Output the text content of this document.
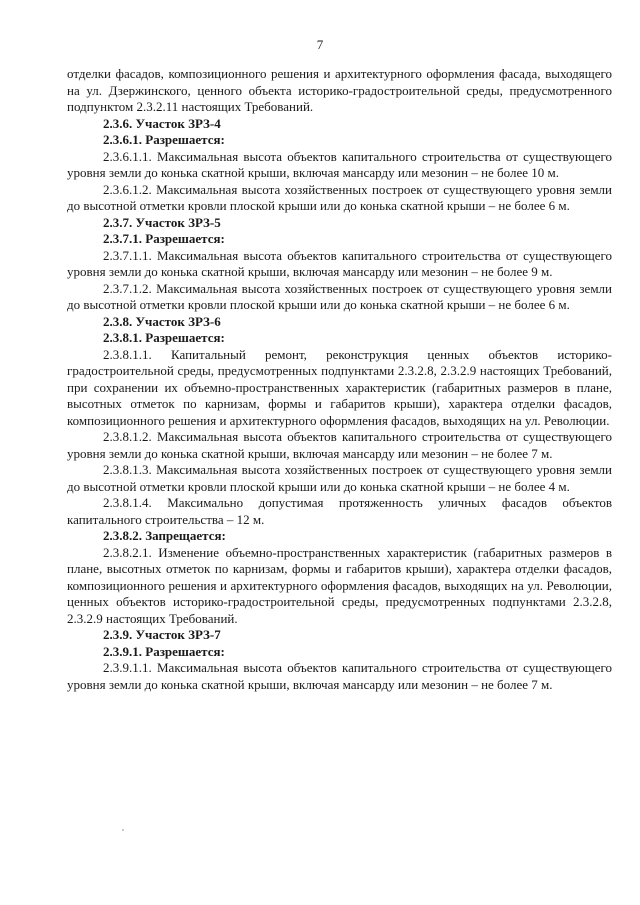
7

отделки фасадов, композиционного решения и архитектурного оформления фасада, выходящего на ул. Дзержинского, ценного объекта историко-градостроительной среды, предусмотренного подпунктом 2.3.2.11 настоящих Требований.

2.3.6. Участок ЗРЗ-4

2.3.6.1. Разрешается:

2.3.6.1.1. Максимальная высота объектов капитального строительства от существующего уровня земли до конька скатной крыши, включая мансарду или мезонин – не более 10 м.

2.3.6.1.2. Максимальная высота хозяйственных построек от существующего уровня земли до высотной отметки кровли плоской крыши или до конька скатной крыши – не более 6 м.

2.3.7. Участок ЗРЗ-5

2.3.7.1. Разрешается:

2.3.7.1.1. Максимальная высота объектов капитального строительства от существующего уровня земли до конька скатной крыши, включая мансарду или мезонин – не более 9 м.

2.3.7.1.2. Максимальная высота хозяйственных построек от существующего уровня земли до высотной отметки кровли плоской крыши или до конька скатной крыши – не более 6 м.

2.3.8. Участок ЗРЗ-6

2.3.8.1. Разрешается:

2.3.8.1.1. Капитальный ремонт, реконструкция ценных объектов историко-градостроительной среды, предусмотренных подпунктами 2.3.2.8, 2.3.2.9 настоящих Требований, при сохранении их объемно-пространственных характеристик (габаритных размеров в плане, высотных отметок по карнизам, формы и габаритов крыши), характера отделки фасадов, композиционного решения и архитектурного оформления фасадов, выходящих на ул. Революции.

2.3.8.1.2. Максимальная высота объектов капитального строительства от существующего уровня земли до конька скатной крыши, включая мансарду или мезонин – не более 7 м.

2.3.8.1.3. Максимальная высота хозяйственных построек от существующего уровня земли до высотной отметки кровли плоской крыши или до конька скатной крыши – не более 4 м.

2.3.8.1.4. Максимально допустимая протяженность уличных фасадов объектов капитального строительства – 12 м.

2.3.8.2. Запрещается:

2.3.8.2.1. Изменение объемно-пространственных характеристик (габаритных размеров в плане, высотных отметок по карнизам, формы и габаритов крыши), характера отделки фасадов, композиционного решения и архитектурного оформления фасадов, выходящих на ул. Революции, ценных объектов историко-градостроительной среды, предусмотренных подпунктами 2.3.2.8, 2.3.2.9 настоящих Требований.

2.3.9. Участок ЗРЗ-7

2.3.9.1. Разрешается:

2.3.9.1.1. Максимальная высота объектов капитального строительства от существующего уровня земли до конька скатной крыши, включая мансарду или мезонин – не более 7 м.
